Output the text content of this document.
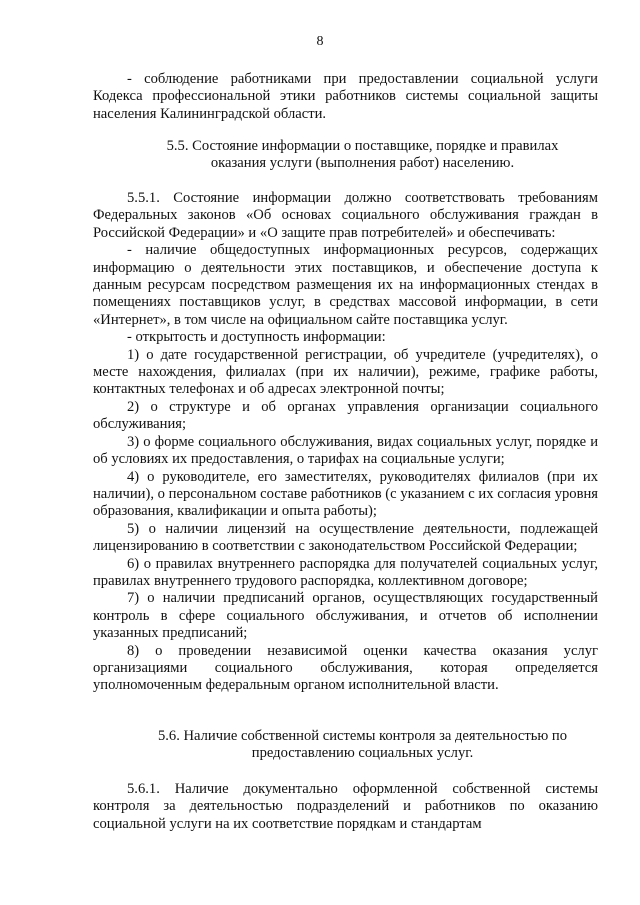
8

- соблюдение работниками при предоставлении социальной услуги Кодекса профессиональной этики работников системы социальной защиты населения Калининградской области.

5.5. Состояние информации о поставщике, порядке и правилах
оказания услуги (выполнения работ) населению.

5.5.1. Состояние информации должно соответствовать требованиям Федеральных законов «Об основах социального обслуживания граждан в Российской Федерации» и «О защите прав потребителей» и обеспечивать:

- наличие общедоступных информационных ресурсов, содержащих информацию о деятельности этих поставщиков, и обеспечение доступа к данным ресурсам посредством размещения их на информационных стендах в помещениях поставщиков услуг, в средствах массовой информации, в сети «Интернет», в том числе на официальном сайте поставщика услуг.

- открытость и доступность информации:

1) о дате государственной регистрации, об учредителе (учредителях), о месте нахождения, филиалах (при их наличии), режиме, графике работы, контактных телефонах и об адресах электронной почты;

2) о структуре и об органах управления организации социального обслуживания;

3) о форме социального обслуживания, видах социальных услуг, порядке и об условиях их предоставления, о тарифах на социальные услуги;

4) о руководителе, его заместителях, руководителях филиалов (при их наличии), о персональном составе работников (с указанием с их согласия уровня образования, квалификации и опыта работы);

5) о наличии лицензий на осуществление деятельности, подлежащей лицензированию в соответствии с законодательством Российской Федерации;

6) о правилах внутреннего распорядка для получателей социальных услуг, правилах внутреннего трудового распорядка, коллективном договоре;

7) о наличии предписаний органов, осуществляющих государственный контроль в сфере социального обслуживания, и отчетов об исполнении указанных предписаний;

8) о проведении независимой оценки качества оказания услуг организациями социального обслуживания, которая определяется уполномоченным федеральным органом исполнительной власти.

5.6. Наличие собственной системы контроля за деятельностью по
предоставлению социальных услуг.

5.6.1. Наличие документально оформленной собственной системы контроля за деятельностью подразделений и работников по оказанию социальной услуги на их соответствие порядкам и стандартам
